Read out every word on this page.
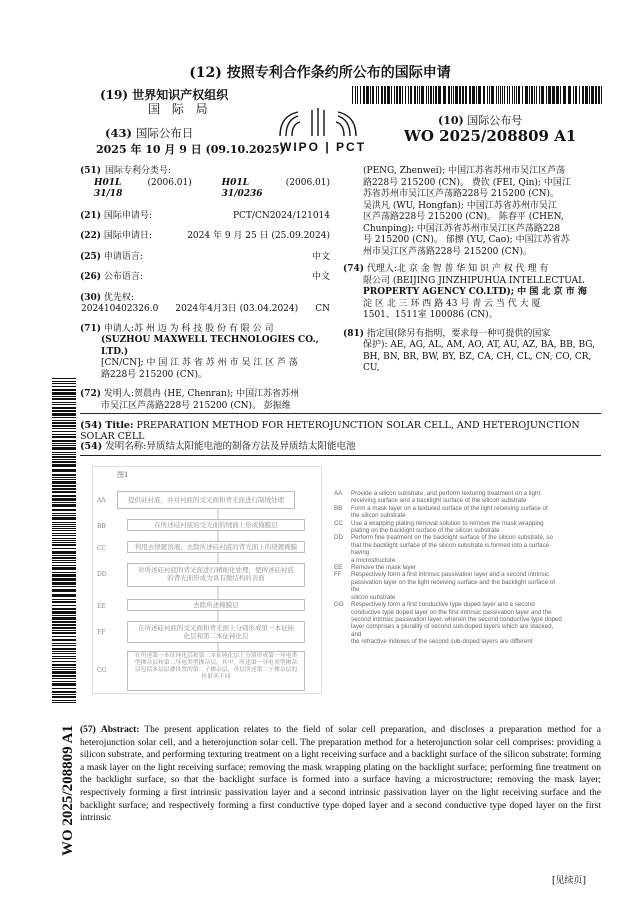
(12) 按照专利合作条约所公布的国际申请
(19) 世界知识产权组织
国 际 局
(43) 国际公布日
2025 年 10 月 9 日 (09.10.2025)
WIPO | PCT
(10) 国际公布号
WO 2025/208809 A1
(51) 国际专利分类号:
H01L 31/18
(2006.01)	H01L 31/0236
(2006.01)
(21) 国际申请号:	PCT/CN2024/121014
(22) 国际申请日:	2024 年 9 月 25 日 (25.09.2024)
(25) 申请语言:	中文
(26) 公布语言:	中文
(30) 优先权:
202410402326.0 2024年4月3日 (03.04.2024) CN
(71) 申请人:苏 州 迈 为 科 技 股 份 有 限 公 司
(SUZHOU MAXWELL TECHNOLOGIES CO., LTD.)
[CN/CN]; 中 国 江 苏 省 苏 州 市 吴 江 区 芦 荡
路228号 215200 (CN)。
(72) 发明人:贺晨冉 (HE, Chenran); 中国江苏省苏州
市吴江区芦荡路228号 215200 (CN)。 彭振维
(PENG, Zhenwei); 中国江苏省苏州市吴江区芦荡
路228号 215200 (CN)。 费钦 (FEI, Qin); 中国江
苏省苏州市吴江区芦荡路228号 215200 (CN)。
吴洪凡 (WU, Hongfan); 中国江苏省苏州市吴江
区芦荡路228号 215200 (CN)。 陈春平 (CHEN,
Chunping); 中国江苏省苏州市吴江区芦荡路228
号 215200 (CN)。 郁擦 (YU, Cao); 中国江苏省苏
州市吴江区芦荡路228号 215200 (CN)。
(74) 代理人:北 京 金 智 普 华 知 识 产 权 代 理 有
限公司 (BEIJING JINZHIPUHUA INTELLECTUAL
PROPERTY AGENCY CO.LTD); 中 国 北 京 市 海
淀 区 北 三 环 西 路 43 号 青 云 当 代 大 厦
1501、1511室 100086 (CN)。
(81) 指定国(除另有指明，要求每一种可提供的国家
保护): AE, AG, AL, AM, AO, AT, AU, AZ, BA, BB, BG,
BH, BN, BR, BW, BY, BZ, CA, CH, CL, CN, CO, CR, CU,
WO 2025/208809 A1
(54) Title: PREPARATION METHOD FOR HETEROJUNCTION SOLAR CELL, AND HETEROJUNCTION SOLAR CELL
(54) 发明名称:异质结太阳能电池的制备方法及异质结太阳能电池
图1
AA	提供硅衬底，并对衬底的受光面和背光面进行制绒处理
BB	在所述硅衬底的受光面的绒面上形成掩膜层
CC	利用去绕镀溶液，去除所述硅衬底的背光面上的绕镀掩膜
DD
对所述硅衬底的背光面进行精细化处理，使所述硅衬底的背光面形成为具有微结构的表面
EE	去除所述掩膜层
FF
在所述硅衬底的受光面和背光面上分别形成第一本征钝化层和第二本征钝化层
GG
在所述第一本征钝化层和第二本征钝化层上分别形成第一导电类型掺杂层和第二导电类型掺杂层，其中，所述第一导电类型掺杂层包括多层层叠设置的第二子掺杂层，各层所述第二子掺杂层的折射率不同
AA	Provide a silicon substrate, and perform texturing treatment on a light
receiving surface and a backlight surface of the silicon substrate
BB	Form a mask layer on a textured surface of the light receiving surface of
the silicon substrate
CC	Use a wrapping plating removal solution to remove the mask wrapping
plating on the backlight surface of the silicon substrate
DD	Perform fine treatment on the backlight surface of the silicon substrate, so
that the backlight surface of the silicon substrate is formed into a surface having
a microstructure
EE	Remove the mask layer
FF	Respectively form a first intrinsic passivation layer and a second intrinsic
passivation layer on the light receiving surface and the backlight surface of the
silicon substrate
GG	Respectively form a first conductive type doped layer and a second
conductive type doped layer on the first intrinsic passivation layer and the
second intrinsic passivation layer, wherein the second conductive type doped
layer comprises a plurality of second sub-doped layers which are stacked, and
the refractive indexes of the second sub-doped layers are different
(57) Abstract: The present application relates to the field of solar cell preparation, and discloses a preparation method for a heterojunction solar cell, and a heterojunction solar cell. The preparation method for a heterojunction solar cell comprises: providing a silicon substrate, and performing texturing treatment on a light receiving surface and a backlight surface of the silicon substrate; forming a mask layer on the light receiving surface; removing the mask wrapping plating on the backlight surface; performing fine treatment on the backlight surface, so that the backlight surface is formed into a surface having a microstructure; removing the mask layer; respectively forming a first intrinsic passivation layer and a second intrinsic passivation layer on the light receiving surface and the backlight surface; and respectively forming a first conductive type doped layer and a second conductive type doped layer on the first intrinsic
[见续页]
